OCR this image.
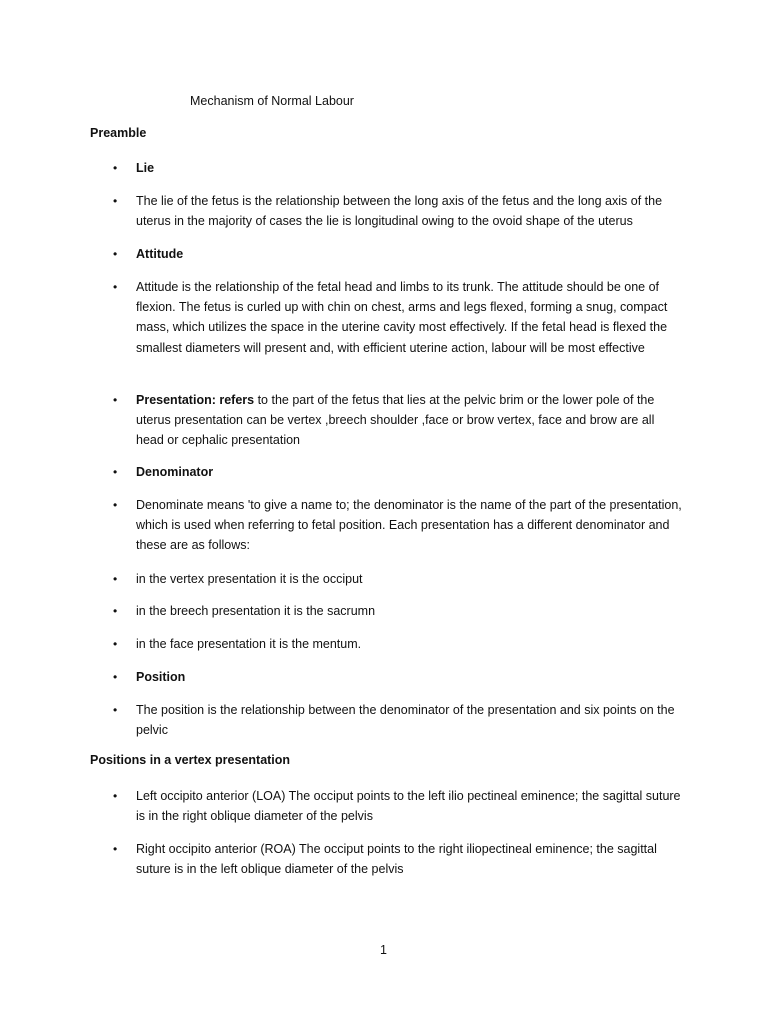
Mechanism of Normal Labour
Preamble
• Lie
• The lie of the fetus is the relationship between the long axis of the fetus and the long axis of the uterus in the majority of cases the lie is longitudinal owing to the ovoid shape of the uterus
• Attitude
• Attitude is the relationship of the fetal head and limbs to its trunk. The attitude should be one of flexion. The fetus is curled up with chin on chest, arms and legs flexed, forming a snug, compact mass, which utilizes the space in the uterine cavity most effectively. If the fetal head is flexed the smallest diameters will present and, with efficient uterine action, labour will be most effective
• Presentation: refers to the part of the fetus that lies at the pelvic brim or the lower pole of the uterus presentation can be vertex ,breech shoulder ,face or brow vertex, face and brow are all head or cephalic presentation
• Denominator
• Denominate means 'to give a name to; the denominator is the name of the part of the presentation, which is used when referring to fetal position. Each presentation has a different denominator and these are as follows:
• in the vertex presentation it is the occiput
• in the breech presentation it is the sacrumn
• in the face presentation it is the mentum.
• Position
• The position is the relationship between the denominator of the presentation and six points on the pelvic
Positions in a vertex presentation
• Left occipito anterior (LOA) The occiput points to the left ilio pectineal eminence; the sagittal suture is in the right oblique diameter of the pelvis
• Right occipito anterior (ROA) The occiput points to the right iliopectineal eminence; the sagittal suture is in the left oblique diameter of the pelvis
1
